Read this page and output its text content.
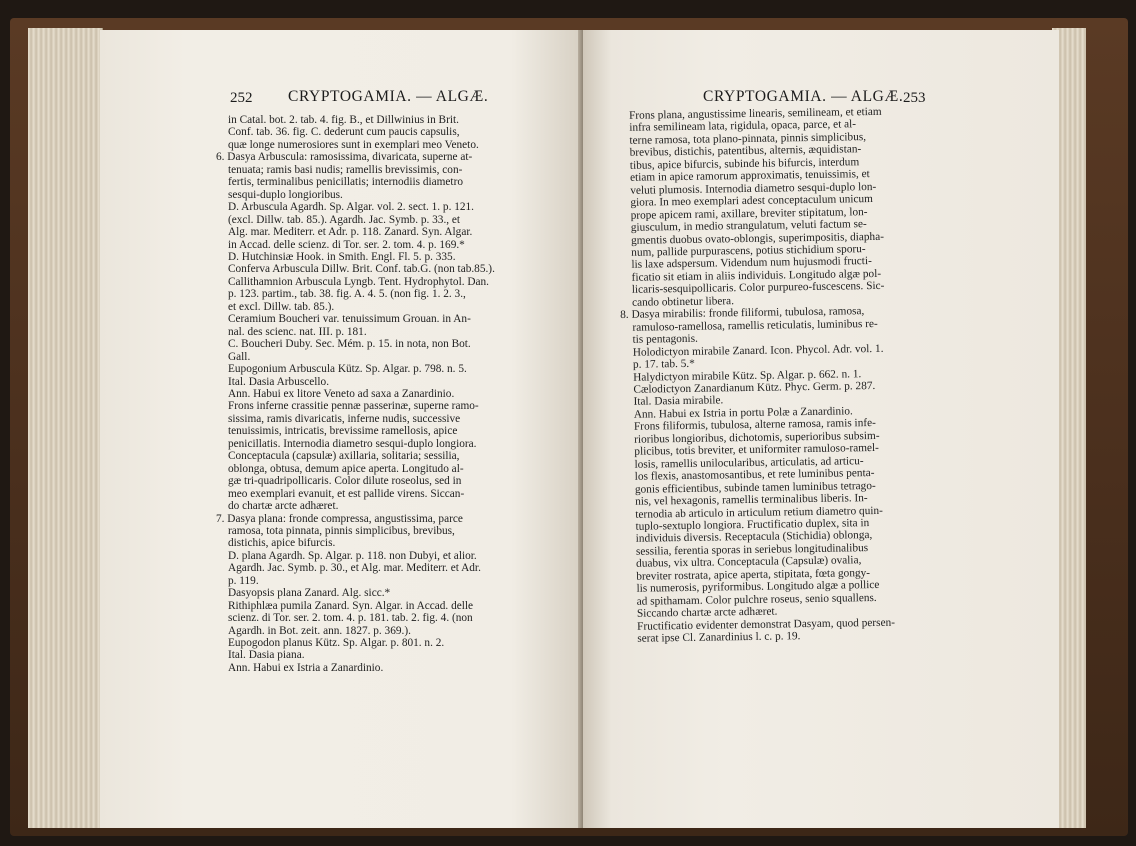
252 CRYPTOGAMIA. — ALGÆ.

in Catal. bot. 2. tab. 4. fig. B., et Dillwinius in Brit.

Conf. tab. 36. fig. C. dederunt cum paucis capsulis,

quæ longe numerosiores sunt in exemplari meo Veneto.

6. Dasya Arbuscula: ramosissima, divaricata, superne at-

tenuata; ramis basi nudis; ramellis brevissimis, con-

fertis, terminalibus penicillatis; internodiis diametro

sesqui-duplo longioribus.

D. Arbuscula Agardh. Sp. Algar. vol. 2. sect. 1. p. 121.

(excl. Dillw. tab. 85.). Agardh. Jac. Symb. p. 33., et

Alg. mar. Mediterr. et Adr. p. 118. Zanard. Syn. Algar.

in Accad. delle scienz. di Tor. ser. 2. tom. 4. p. 169.*

D. Hutchinsiæ Hook. in Smith. Engl. Fl. 5. p. 335.

Conferva Arbuscula Dillw. Brit. Conf. tab.G. (non tab.85.).

Callithamnion Arbuscula Lyngb. Tent. Hydrophytol. Dan.

p. 123. partim., tab. 38. fig. A. 4. 5. (non fig. 1. 2. 3.,

et excl. Dillw. tab. 85.).

Ceramium Boucheri var. tenuissimum Grouan. in An-

nal. des scienc. nat. III. p. 181.

C. Boucheri Duby. Sec. Mém. p. 15. in nota, non Bot.

Gall.

Eupogonium Arbuscula Kütz. Sp. Algar. p. 798. n. 5.

Ital. Dasia Arbuscello.

Ann. Habui ex litore Veneto ad saxa a Zanardinio.

Frons inferne crassitie pennæ passerinæ, superne ramo-

sissima, ramis divaricatis, inferne nudis, successive

tenuissimis, intricatis, brevissime ramellosis, apice

penicillatis. Internodia diametro sesqui-duplo longiora.

Conceptacula (capsulæ) axillaria, solitaria; sessilia,

oblonga, obtusa, demum apice aperta. Longitudo al-

gæ tri-quadripollicaris. Color dilute roseolus, sed in

meo exemplari evanuit, et est pallide virens. Siccan-

do chartæ arcte adhæret.

7. Dasya plana: fronde compressa, angustissima, parce

ramosa, tota pinnata, pinnis simplicibus, brevibus,

distichis, apice bifurcis.

D. plana Agardh. Sp. Algar. p. 118. non Dubyi, et alior.

Agardh. Jac. Symb. p. 30., et Alg. mar. Mediterr. et Adr.

p. 119.

Dasyopsis plana Zanard. Alg. sicc.*

Rithiphlæa pumila Zanard. Syn. Algar. in Accad. delle

scienz. di Tor. ser. 2. tom. 4. p. 181. tab. 2. fig. 4. (non

Agardh. in Bot. zeit. ann. 1827. p. 369.).

Eupogodon planus Kütz. Sp. Algar. p. 801. n. 2.

Ital. Dasia piana.

Ann. Habui ex Istria a Zanardinio.

CRYPTOGAMIA. — ALGÆ. 253

Frons plana, angustissime linearis, semilineam, et etiam

infra semilineam lata, rigidula, opaca, parce, et al-

terne ramosa, tota plano-pinnata, pinnis simplicibus,

brevibus, distichis, patentibus, alternis, æquidistan-

tibus, apice bifurcis, subinde his bifurcis, interdum

etiam in apice ramorum approximatis, tenuissimis, et

veluti plumosis. Internodia diametro sesqui-duplo lon-

giora. In meo exemplari adest conceptaculum unicum

prope apicem rami, axillare, breviter stipitatum, lon-

giusculum, in medio strangulatum, veluti factum se-

gmentis duobus ovato-oblongis, superimpositis, diapha-

num, pallide purpurascens, potius stichidium sporu-

lis laxe adspersum. Videndum num hujusmodi fructi-

ficatio sit etiam in aliis individuis. Longitudo algæ pol-

licaris-sesquipollicaris. Color purpureo-fuscescens. Sic-

cando obtinetur libera.

8. Dasya mirabilis: fronde filiformi, tubulosa, ramosa,

ramuloso-ramellosa, ramellis reticulatis, luminibus re-

tis pentagonis.

Holodictyon mirabile Zanard. Icon. Phycol. Adr. vol. 1.

p. 17. tab. 5.*

Halydictyon mirabile Kütz. Sp. Algar. p. 662. n. 1.

Cælodictyon Zanardianum Kütz. Phyc. Germ. p. 287.

Ital. Dasia mirabile.

Ann. Habui ex Istria in portu Polæ a Zanardinio.

Frons filiformis, tubulosa, alterne ramosa, ramis infe-

rioribus longioribus, dichotomis, superioribus subsim-

plicibus, totis breviter, et uniformiter ramuloso-ramel-

losis, ramellis unilocularibus, articulatis, ad articu-

los flexis, anastomosantibus, et rete luminibus penta-

gonis efficientibus, subinde tamen luminibus tetrago-

nis, vel hexagonis, ramellis terminalibus liberis. In-

ternodia ab articulo in articulum retium diametro quin-

tuplo-sextuplo longiora. Fructificatio duplex, sita in

individuis diversis. Receptacula (Stichidia) oblonga,

sessilia, ferentia sporas in seriebus longitudinalibus

duabus, vix ultra. Conceptacula (Capsulæ) ovalia,

breviter rostrata, apice aperta, stipitata, fœta gongy-

lis numerosis, pyriformibus. Longitudo algæ a pollice

ad spithamam. Color pulchre roseus, senio squallens.

Siccando chartæ arcte adhæret.

Fructificatio evidenter demonstrat Dasyam, quod persen-

serat ipse Cl. Zanardinius l. c. p. 19.
